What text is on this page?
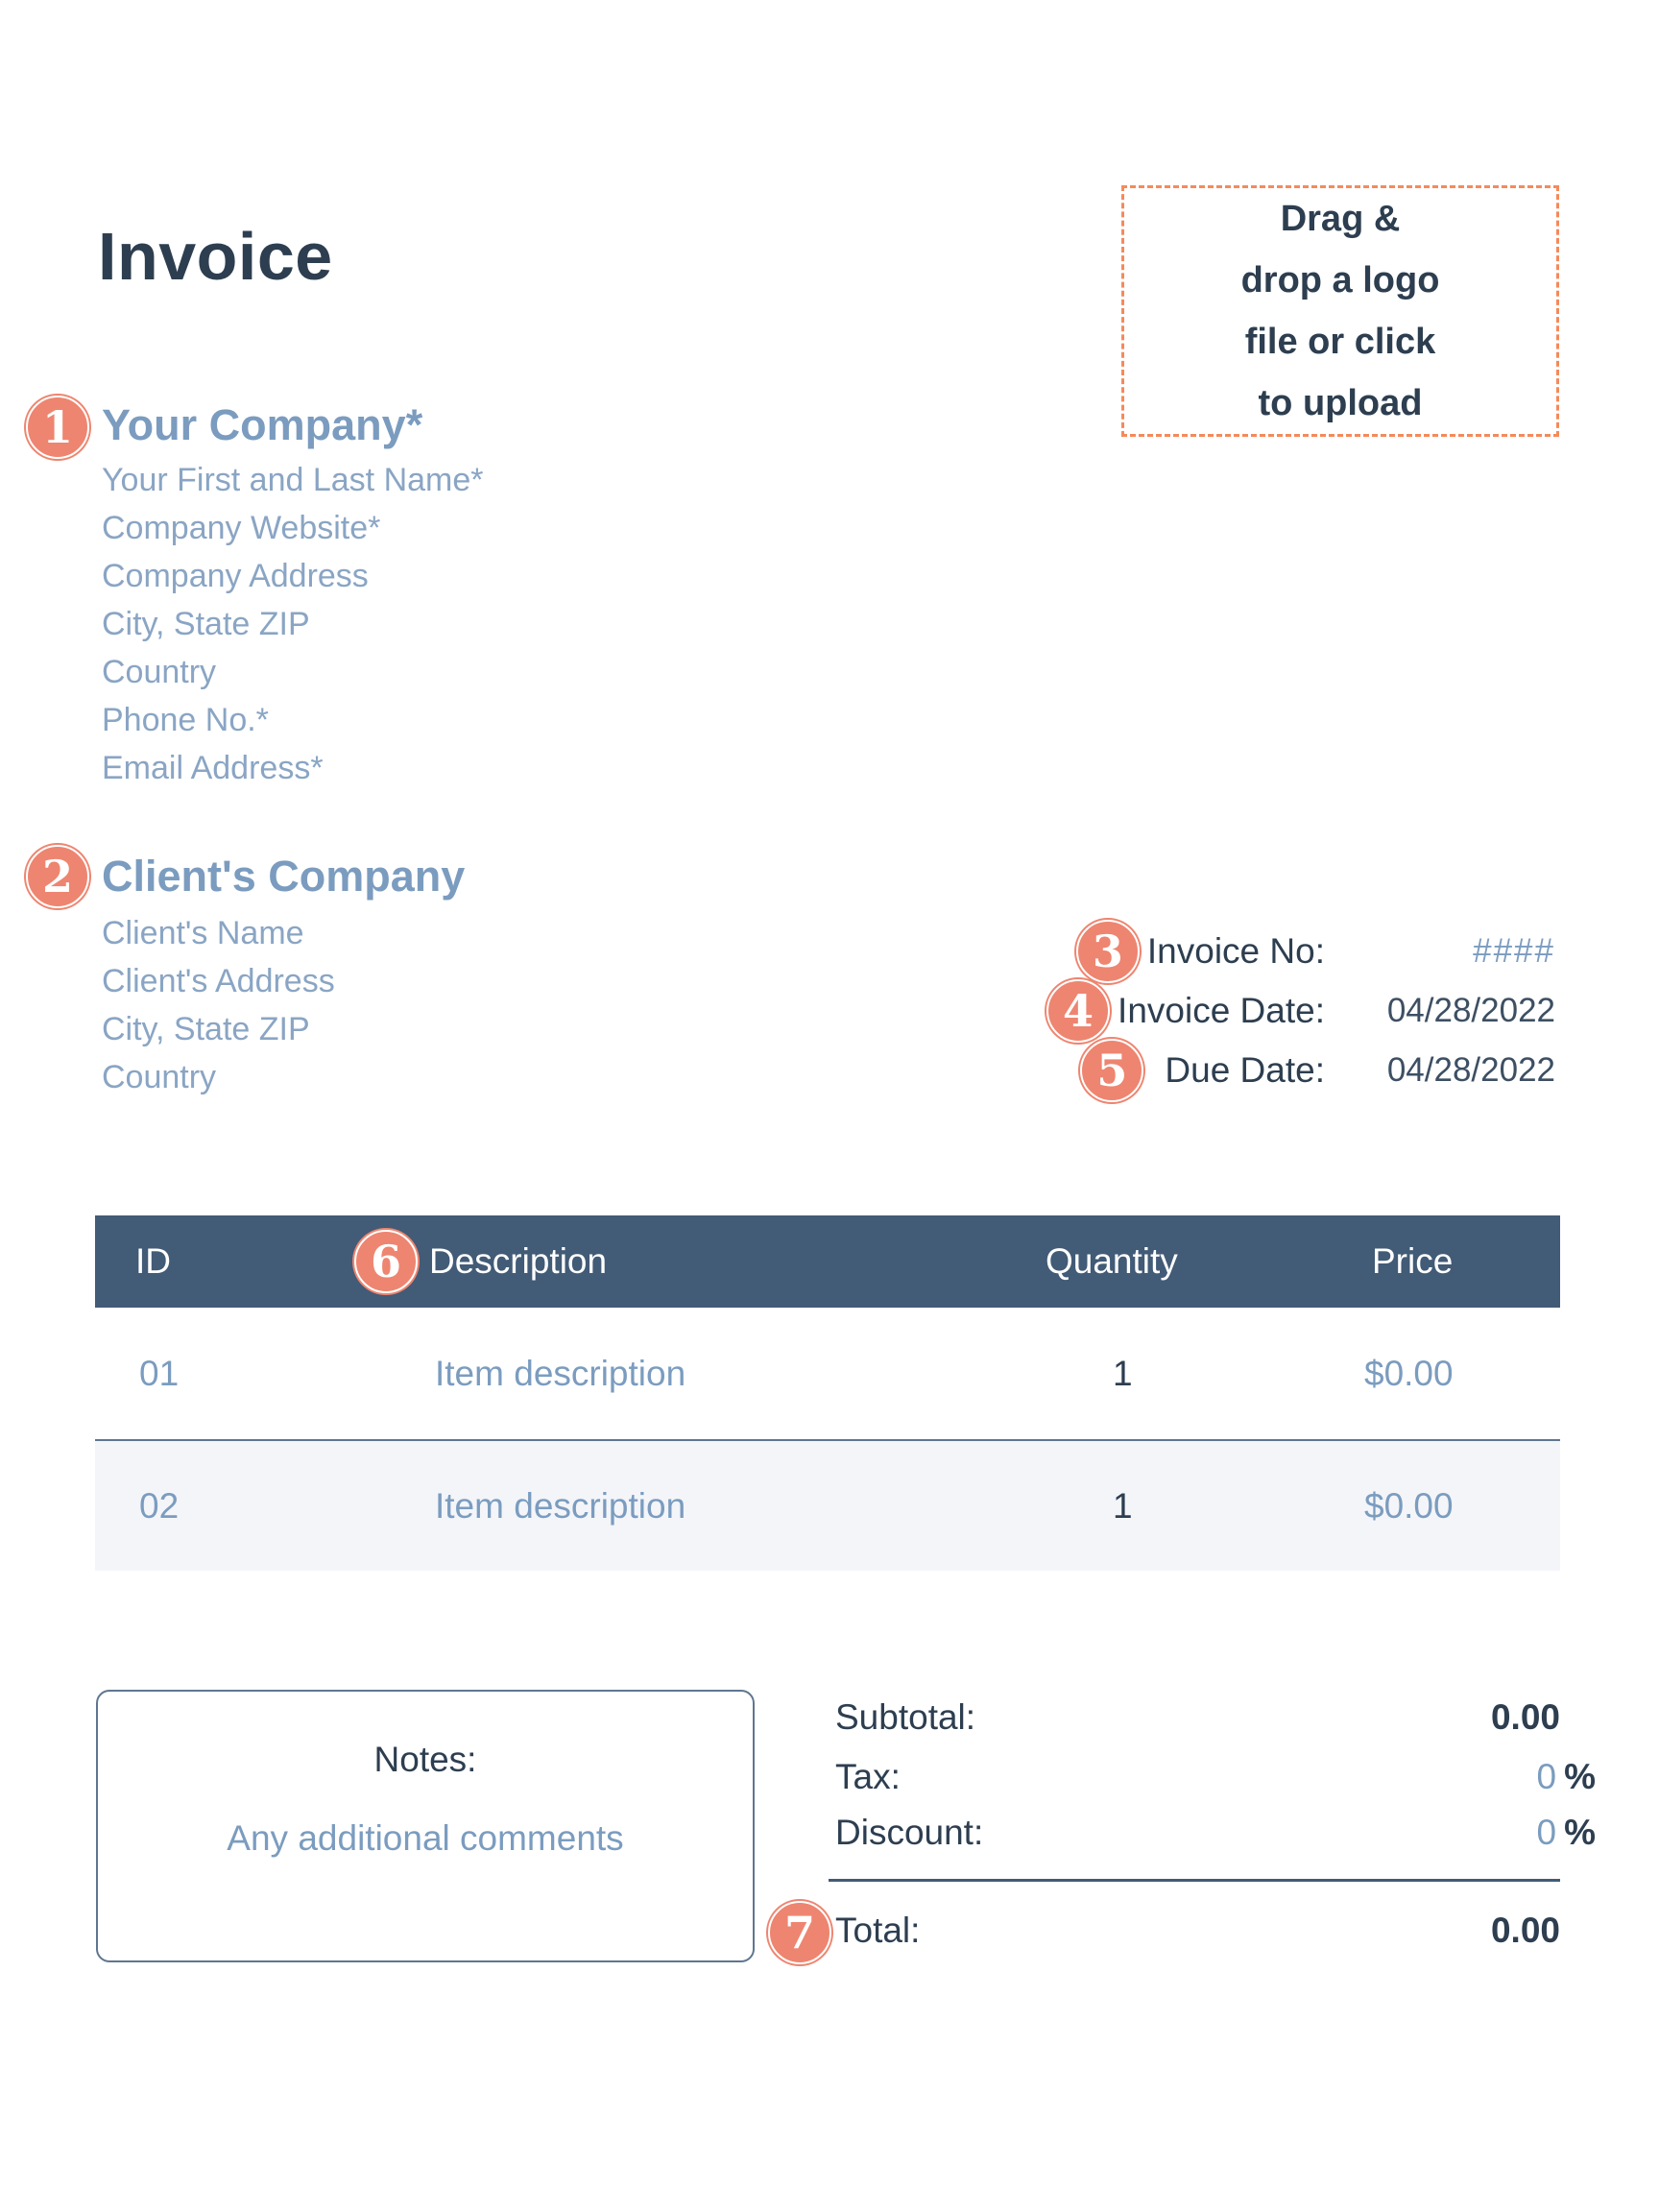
Invoice	Drag &
drop a logo
file or click
to upload
1 Your Company*
Your First and Last Name*
Company Website*
Company Address
City, State ZIP
Country
Phone No.*
Email Address*
2 Client's Company
Client's Name
Client's Address
City, State ZIP
Country
3 Invoice No:	####
4 Invoice Date:	04/28/2022
5	Due Date:	04/28/2022
ID	6 Description	Quantity	Price
01	Item description	1	$0.00
02	Item description	1	$0.00
Notes:
Any additional comments
Subtotal:	0.00
Tax:	0 %
Discount:	0 %
7 Total:	0.00
